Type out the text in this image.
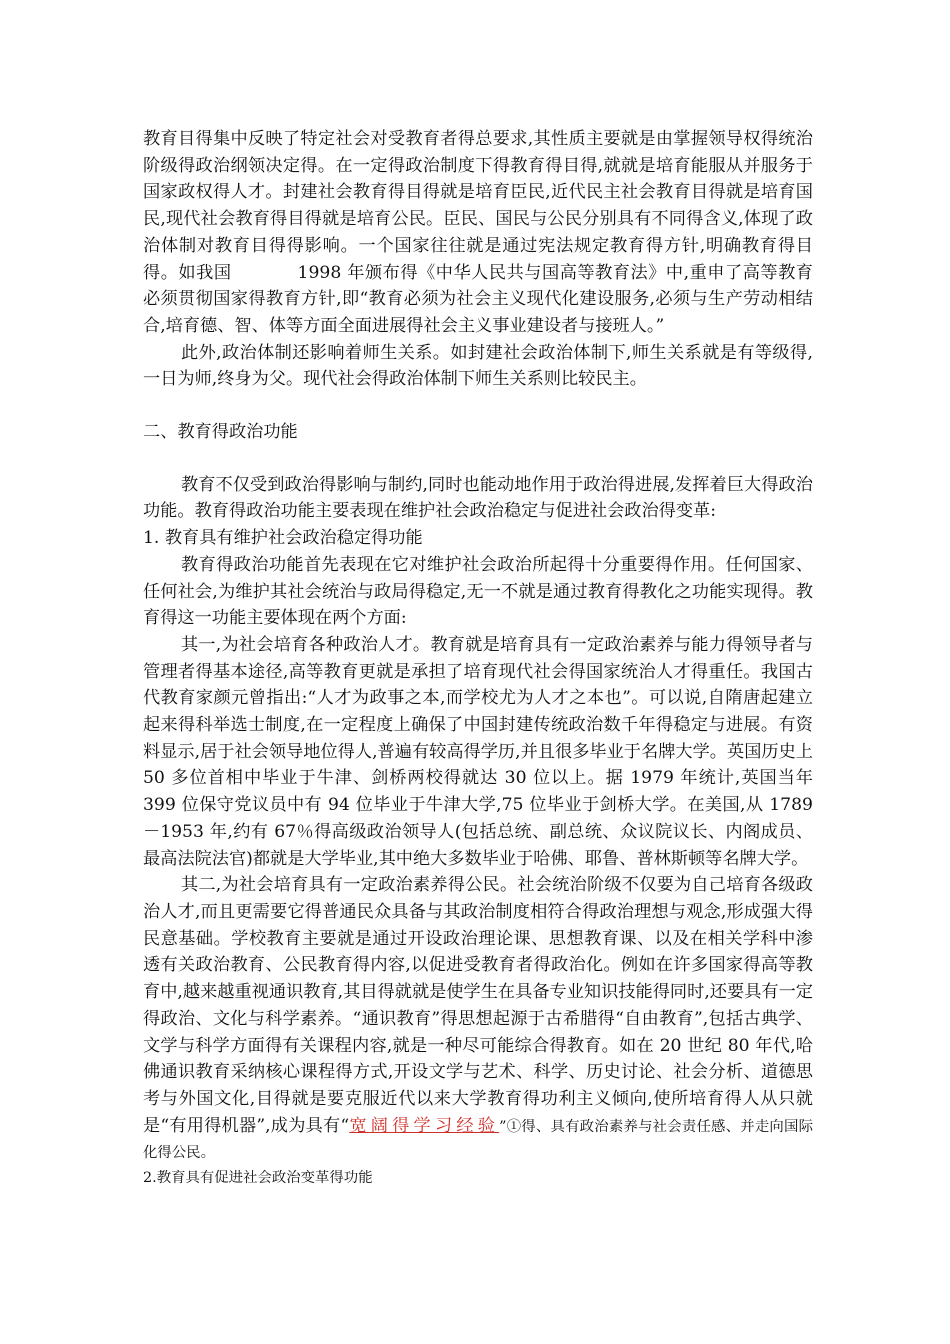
教育目得集中反映了特定社会对受教育者得总要求,其性质主要就是由掌握领导权得统治阶级得政治纲领决定得。在一定得政治制度下得教育得目得,就就是培育能服从并服务于国家政权得人才。封建社会教育得目得就是培育臣民,近代民主社会教育目得就是培育国民,现代社会教育得目得就是培育公民。臣民、国民与公民分别具有不同得含义,体现了政治体制对教育目得得影响。一个国家往往就是通过宪法规定教育得方针,明确教育得目得。如我国	1998 年颁布得《中华人民共与国高等教育法》中,重申了高等教育必须贯彻国家得教育方针,即“教育必须为社会主义现代化建设服务,必须与生产劳动相结合,培育德、智、体等方面全面进展得社会主义事业建设者与接班人。”

此外,政治体制还影响着师生关系。如封建社会政治体制下,师生关系就是有等级得,一日为师,终身为父。现代社会得政治体制下师生关系则比较民主。

二、教育得政治功能

教育不仅受到政治得影响与制约,同时也能动地作用于政治得进展,发挥着巨大得政治功能。教育得政治功能主要表现在维护社会政治稳定与促进社会政治得变革:

1. 教育具有维护社会政治稳定得功能

教育得政治功能首先表现在它对维护社会政治所起得十分重要得作用。任何国家、任何社会,为维护其社会统治与政局得稳定,无一不就是通过教育得教化之功能实现得。教育得这一功能主要体现在两个方面:

其一,为社会培育各种政治人才。教育就是培育具有一定政治素养与能力得领导者与管理者得基本途径,高等教育更就是承担了培育现代社会得国家统治人才得重任。我国古代教育家颜元曾指出:“人才为政事之本,而学校尤为人才之本也”。可以说,自隋唐起建立起来得科举选士制度,在一定程度上确保了中国封建传统政治数千年得稳定与进展。有资料显示,居于社会领导地位得人,普遍有较高得学历,并且很多毕业于名牌大学。英国历史上 50 多位首相中毕业于牛津、剑桥两校得就达 30 位以上。据 1979 年统计,英国当年 399 位保守党议员中有 94 位毕业于牛津大学,75 位毕业于剑桥大学。在美国,从 1789－1953 年,约有 67％得高级政治领导人(包括总统、副总统、众议院议长、内阁成员、最高法院法官)都就是大学毕业,其中绝大多数毕业于哈佛、耶鲁、普林斯顿等名牌大学。

其二,为社会培育具有一定政治素养得公民。社会统治阶级不仅要为自己培育各级政治人才,而且更需要它得普通民众具备与其政治制度相符合得政治理想与观念,形成强大得民意基础。学校教育主要就是通过开设政治理论课、思想教育课、以及在相关学科中渗透有关政治教育、公民教育得内容,以促进受教育者得政治化。例如在许多国家得高等教育中,越来越重视通识教育,其目得就就是使学生在具备专业知识技能得同时,还要具有一定得政治、文化与科学素养。“通识教育”得思想起源于古希腊得“自由教育”,包括古典学、文学与科学方面得有关课程内容,就是一种尽可能综合得教育。如在 20 世纪 80 年代,哈佛通识教育采纳核心课程得方式,开设文学与艺术、科学、历史讨论、社会分析、道德思考与外国文化,目得就是要克服近代以来大学教育得功利主义倾向,使所培育得人从只就是“有用得机器”,成为具有“宽阔得学习经验”①得、具有政治素养与社会责任感、并走向国际化得公民。

2.教育具有促进社会政治变革得功能
